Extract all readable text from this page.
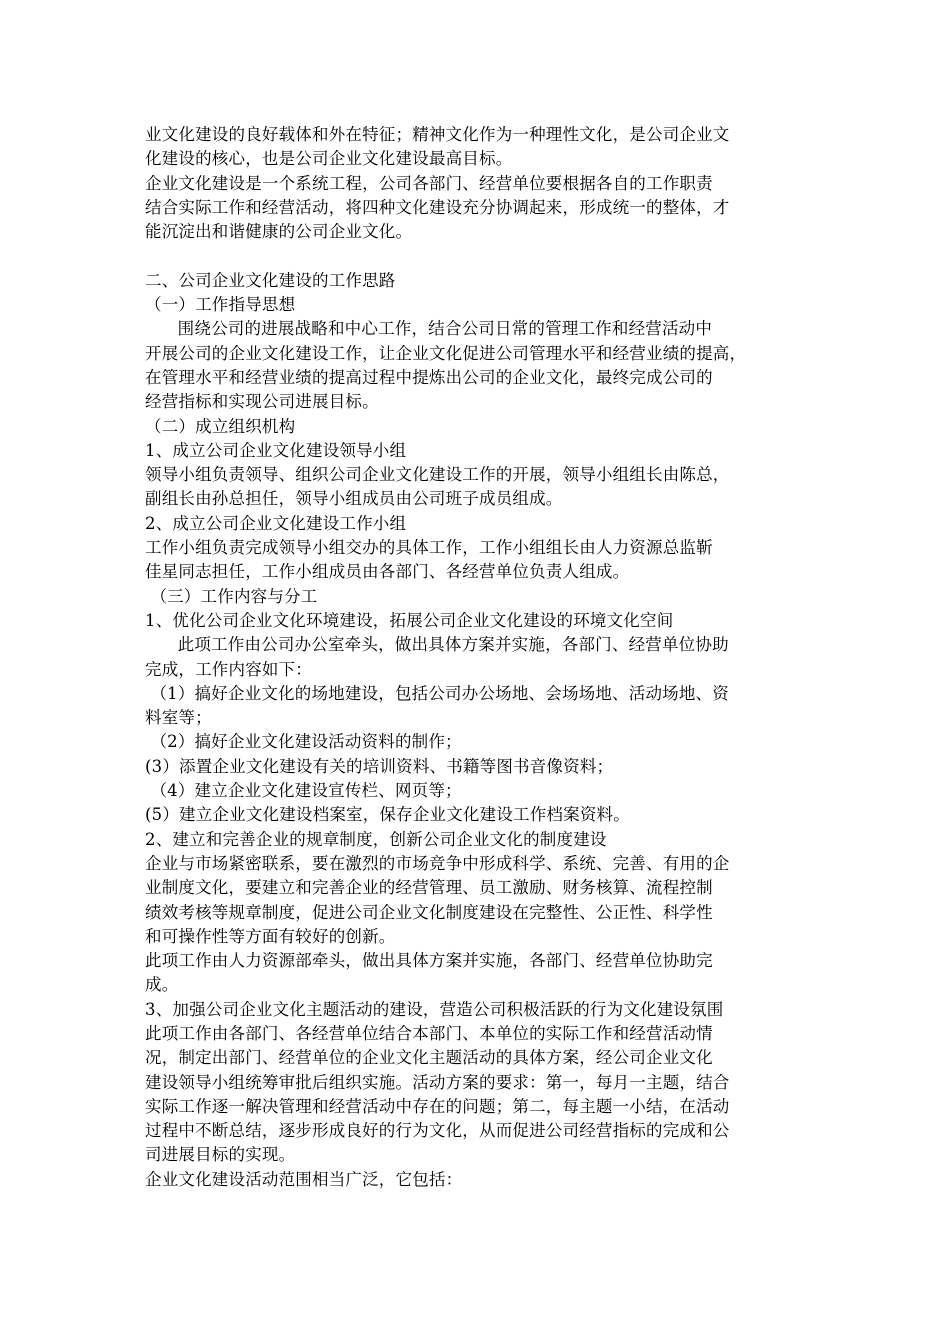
业文化建设的良好载体和外在特征；精神文化作为一种理性文化，是公司企业文
化建设的核心，也是公司企业文化建设最高目标。
企业文化建设是一个系统工程，公司各部门、经营单位要根据各自的工作职责
结合实际工作和经营活动，将四种文化建设充分协调起来，形成统一的整体，才
能沉淀出和谐健康的公司企业文化。
二、公司企业文化建设的工作思路
（一）工作指导思想
围绕公司的进展战略和中心工作，结合公司日常的管理工作和经营活动中
开展公司的企业文化建设工作，让企业文化促进公司管理水平和经营业绩的提高，
在管理水平和经营业绩的提高过程中提炼出公司的企业文化，最终完成公司的
经营指标和实现公司进展目标。
（二）成立组织机构
1、成立公司企业文化建设领导小组
领导小组负责领导、组织公司企业文化建设工作的开展，领导小组组长由陈总，
副组长由孙总担任，领导小组成员由公司班子成员组成。
2、成立公司企业文化建设工作小组
工作小组负责完成领导小组交办的具体工作，工作小组组长由人力资源总监靳
佳星同志担任，工作小组成员由各部门、各经营单位负责人组成。
（三）工作内容与分工
1、优化公司企业文化环境建设，拓展公司企业文化建设的环境文化空间
此项工作由公司办公室牵头，做出具体方案并实施，各部门、经营单位协助
完成，工作内容如下：
（1）搞好企业文化的场地建设，包括公司办公场地、会场场地、活动场地、资
料室等；
（2）搞好企业文化建设活动资料的制作；
(3）添置企业文化建设有关的培训资料、书籍等图书音像资料；
（4）建立企业文化建设宣传栏、网页等；
(5）建立企业文化建设档案室，保存企业文化建设工作档案资料。
2、建立和完善企业的规章制度，创新公司企业文化的制度建设
企业与市场紧密联系，要在激烈的市场竞争中形成科学、系统、完善、有用的企
业制度文化，要建立和完善企业的经营管理、员工激励、财务核算、流程控制
绩效考核等规章制度，促进公司企业文化制度建设在完整性、公正性、科学性
和可操作性等方面有较好的创新。
此项工作由人力资源部牵头，做出具体方案并实施，各部门、经营单位协助完
成。
3、加强公司企业文化主题活动的建设，营造公司积极活跃的行为文化建设氛围
此项工作由各部门、各经营单位结合本部门、本单位的实际工作和经营活动情
况，制定出部门、经营单位的企业文化主题活动的具体方案，经公司企业文化
建设领导小组统筹审批后组织实施。活动方案的要求：第一，每月一主题，结合
实际工作逐一解决管理和经营活动中存在的问题；第二，每主题一小结，在活动
过程中不断总结，逐步形成良好的行为文化，从而促进公司经营指标的完成和公
司进展目标的实现。
企业文化建设活动范围相当广泛，它包括：
